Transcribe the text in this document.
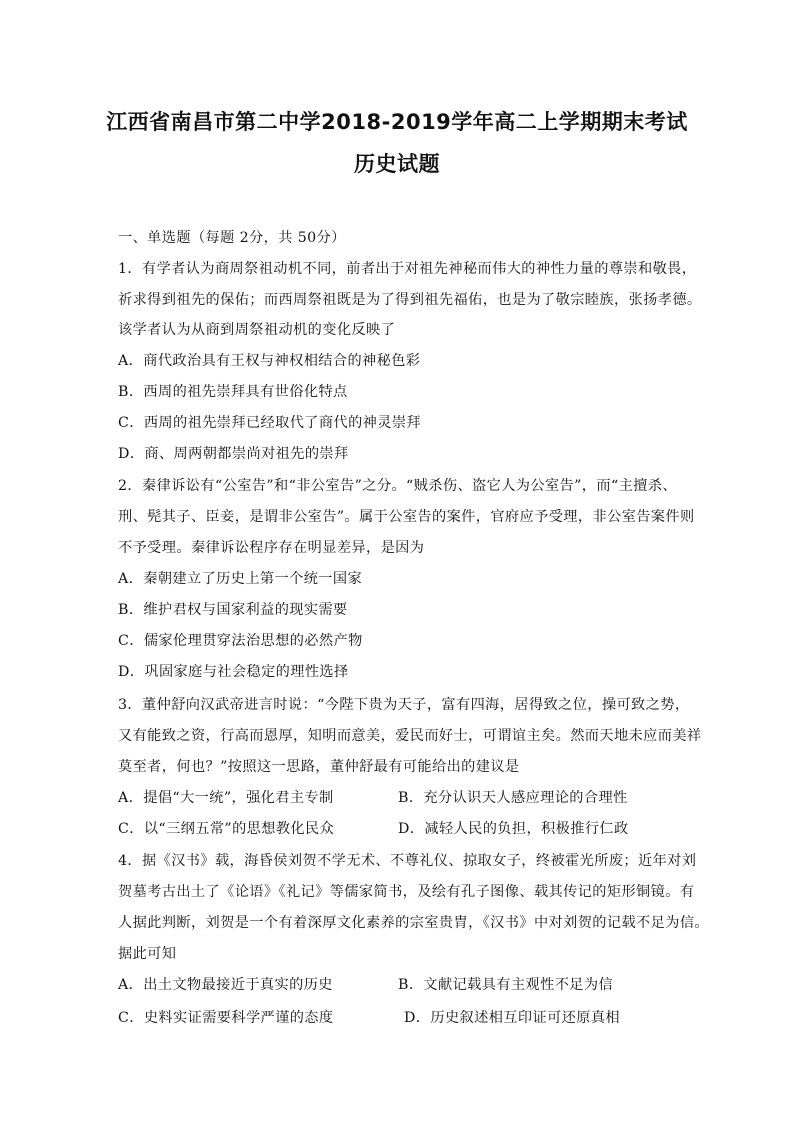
江西省南昌市第二中学2018-2019学年高二上学期期末考试
历史试题
一、单选题（每题 2分，共 50分）
1．有学者认为商周祭祖动机不同，前者出于对祖先神秘而伟大的神性力量的尊崇和敬畏，
祈求得到祖先的保佑；而西周祭祖既是为了得到祖先福佑，也是为了敬宗睦族，张扬孝德。
该学者认为从商到周祭祖动机的变化反映了
A．商代政治具有王权与神权相结合的神秘色彩
B．西周的祖先崇拜具有世俗化特点
C．西周的祖先崇拜已经取代了商代的神灵崇拜
D．商、周两朝都崇尚对祖先的崇拜
2．秦律诉讼有“公室告”和“非公室告”之分。“贼杀伤、盗它人为公室告”，而“主擅杀、
刑、髡其子、臣妾，是谓非公室告”。属于公室告的案件，官府应予受理，非公室告案件则
不予受理。秦律诉讼程序存在明显差异，是因为
A．秦朝建立了历史上第一个统一国家
B．维护君权与国家利益的现实需要
C．儒家伦理贯穿法治思想的必然产物
D．巩固家庭与社会稳定的理性选择
3．董仲舒向汉武帝进言时说：“今陛下贵为天子，富有四海，居得致之位，操可致之势，
又有能致之资，行高而恩厚，知明而意美，爱民而好士，可谓谊主矣。然而天地未应而美祥
莫至者，何也？”按照这一思路，董仲舒最有可能给出的建议是
A．提倡“大一统”，强化君主专制	B．充分认识天人感应理论的合理性
C．以“三纲五常”的思想教化民众	D．减轻人民的负担，积极推行仁政
4．据《汉书》载，海昏侯刘贺不学无术、不尊礼仪、掠取女子，终被霍光所废；近年对刘
贺墓考古出土了《论语》《礼记》等儒家简书，及绘有孔子图像、载其传记的矩形铜镜。有
人据此判断，刘贺是一个有着深厚文化素养的宗室贵胄，《汉书》中对刘贺的记载不足为信。
据此可知
A．出土文物最接近于真实的历史	B．文献记载具有主观性不足为信
C．史料实证需要科学严谨的态度	D．历史叙述相互印证可还原真相
